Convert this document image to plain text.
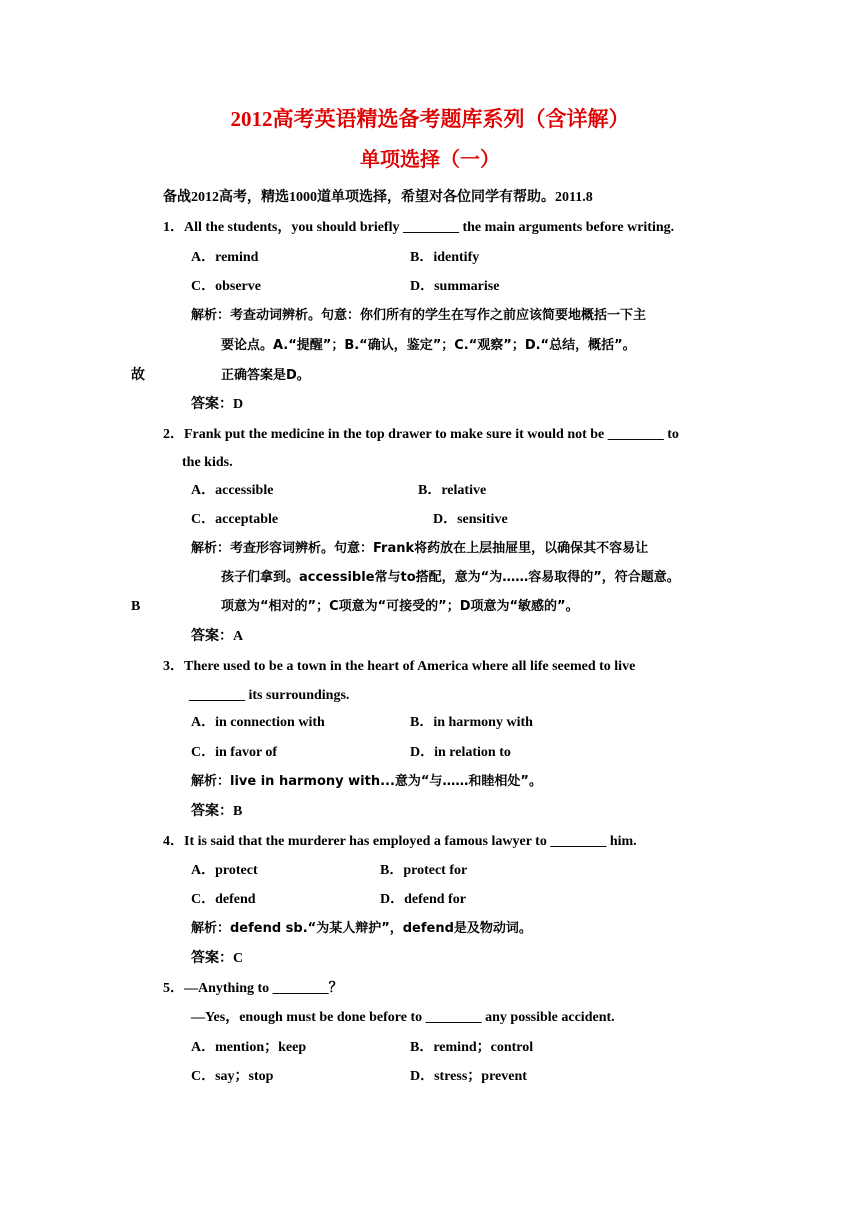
2012高考英语精选备考题库系列（含详解）
单项选择（一）
备战2012高考，精选1000道单项选择，希望对各位同学有帮助。2011.8
1．All the students，you should briefly ________ the main arguments before writing.
A．remind	B．identify
C．observe	D．summarise
解析：考查动词辨析。句意：你们所有的学生在写作之前应该简要地概括一下主
要论点。A.“提醒”；B.“确认，鉴定”；C.“观察”；D.“总结，概括”。
故	正确答案是D。
答案：D
2．Frank put the medicine in the top drawer to make sure it would not be ________ to
the kids.
A．accessible	B．relative
C．acceptable	D．sensitive
解析：考查形容词辨析。句意：Frank将药放在上层抽屉里，以确保其不容易让
孩子们拿到。accessible常与to搭配，意为“为……容易取得的”，符合题意。
B	项意为“相对的”；C项意为“可接受的”；D项意为“敏感的”。
答案：A
3．There used to be a town in the heart of America where all life seemed to live
________ its surroundings.
A．in connection with	B．in harmony with
C．in favor of	D．in relation to
解析：live in harmony with...意为“与……和睦相处”。
答案：B
4．It is said that the murderer has employed a famous lawyer to ________ him.
A．protect	B．protect for
C．defend	D．defend for
解析：defend sb.“为某人辩护”，defend是及物动词。
答案：C
5．—Anything to ________？
—Yes，enough must be done before to ________ any possible accident.
A．mention；keep	B．remind；control
C．say；stop	D．stress；prevent
